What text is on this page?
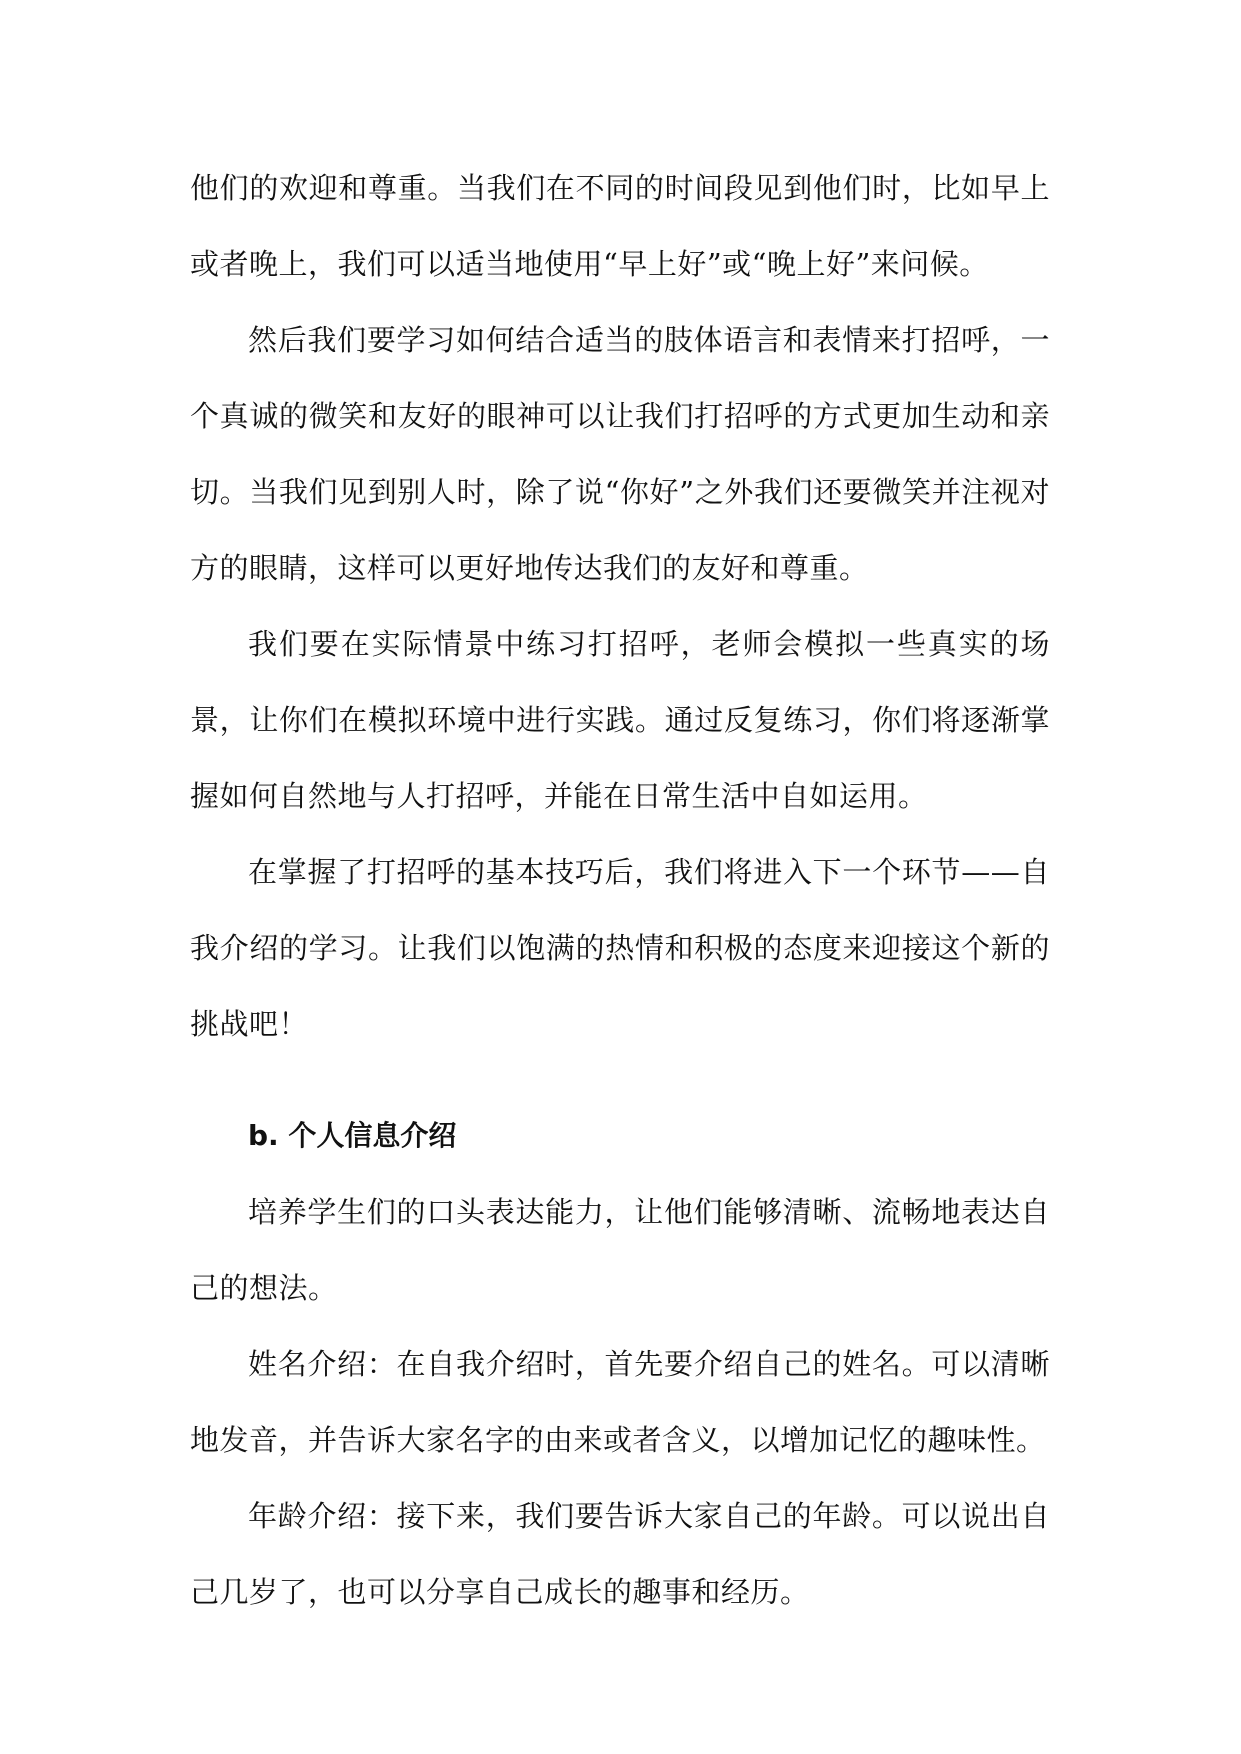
他们的欢迎和尊重。当我们在不同的时间段见到他们时，比如早上或者晚上，我们可以适当地使用“早上好”或“晚上好”来问候。

然后我们要学习如何结合适当的肢体语言和表情来打招呼，一个真诚的微笑和友好的眼神可以让我们打招呼的方式更加生动和亲切。当我们见到别人时，除了说“你好”之外我们还要微笑并注视对方的眼睛，这样可以更好地传达我们的友好和尊重。

我们要在实际情景中练习打招呼，老师会模拟一些真实的场景，让你们在模拟环境中进行实践。通过反复练习，你们将逐渐掌握如何自然地与人打招呼，并能在日常生活中自如运用。

在掌握了打招呼的基本技巧后，我们将进入下一个环节——自我介绍的学习。让我们以饱满的热情和积极的态度来迎接这个新的挑战吧！

b. 个人信息介绍

培养学生们的口头表达能力，让他们能够清晰、流畅地表达自己的想法。

姓名介绍：在自我介绍时，首先要介绍自己的姓名。可以清晰地发音，并告诉大家名字的由来或者含义，以增加记忆的趣味性。

年龄介绍：接下来，我们要告诉大家自己的年龄。可以说出自己几岁了，也可以分享自己成长的趣事和经历。
